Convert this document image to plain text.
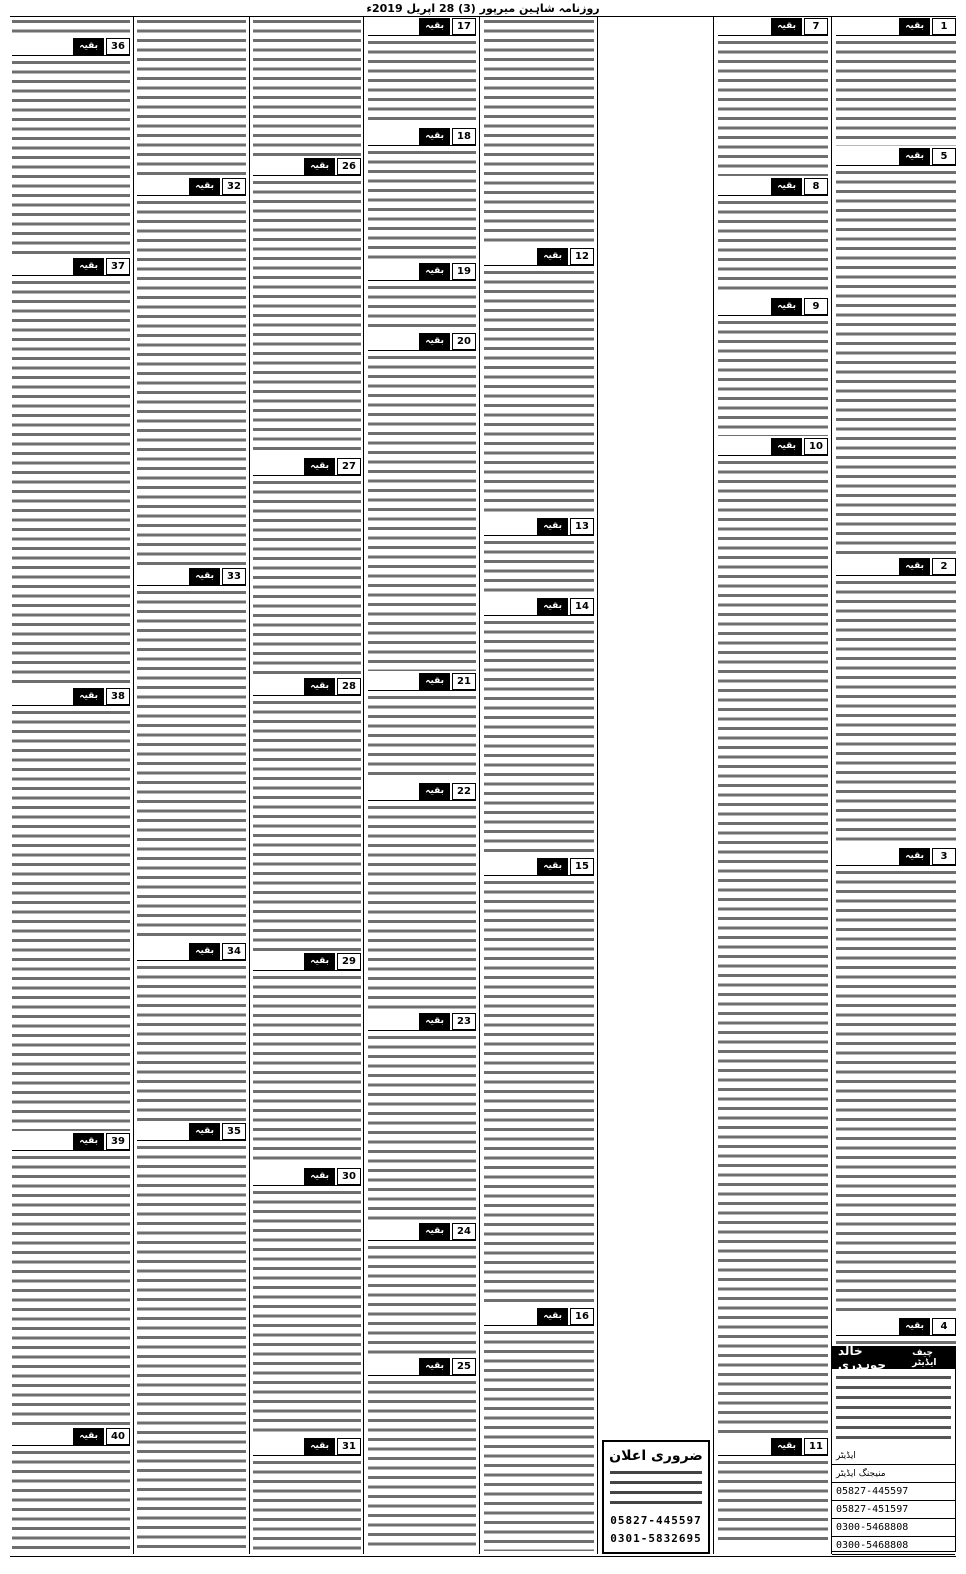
روزنامہ شاہین میرپور (3) 28 اپریل 2019ء
1
بقیہ
5
بقیہ
2
بقیہ
3
بقیہ
4
بقیہ
7
بقیہ
8
بقیہ
9
بقیہ
10
بقیہ
11
بقیہ
12
بقیہ
13
بقیہ
14
بقیہ
15
بقیہ
16
بقیہ
ضروری اعلان
05827-445597
0301-5832695
17
بقیہ
18
بقیہ
19
بقیہ
20
بقیہ
21
بقیہ
22
بقیہ
23
بقیہ
24
بقیہ
25
بقیہ
26
بقیہ
27
بقیہ
28
بقیہ
29
بقیہ
30
بقیہ
31
بقیہ
32
بقیہ
33
بقیہ
34
بقیہ
35
بقیہ
36
بقیہ
37
بقیہ
38
بقیہ
39
بقیہ
40
بقیہ
خالد چوہدری
چیف ایڈیٹر
ایڈیٹر
منیجنگ ایڈیٹر
05827-445597
05827-451597
0300-5468808
0300-5468808
